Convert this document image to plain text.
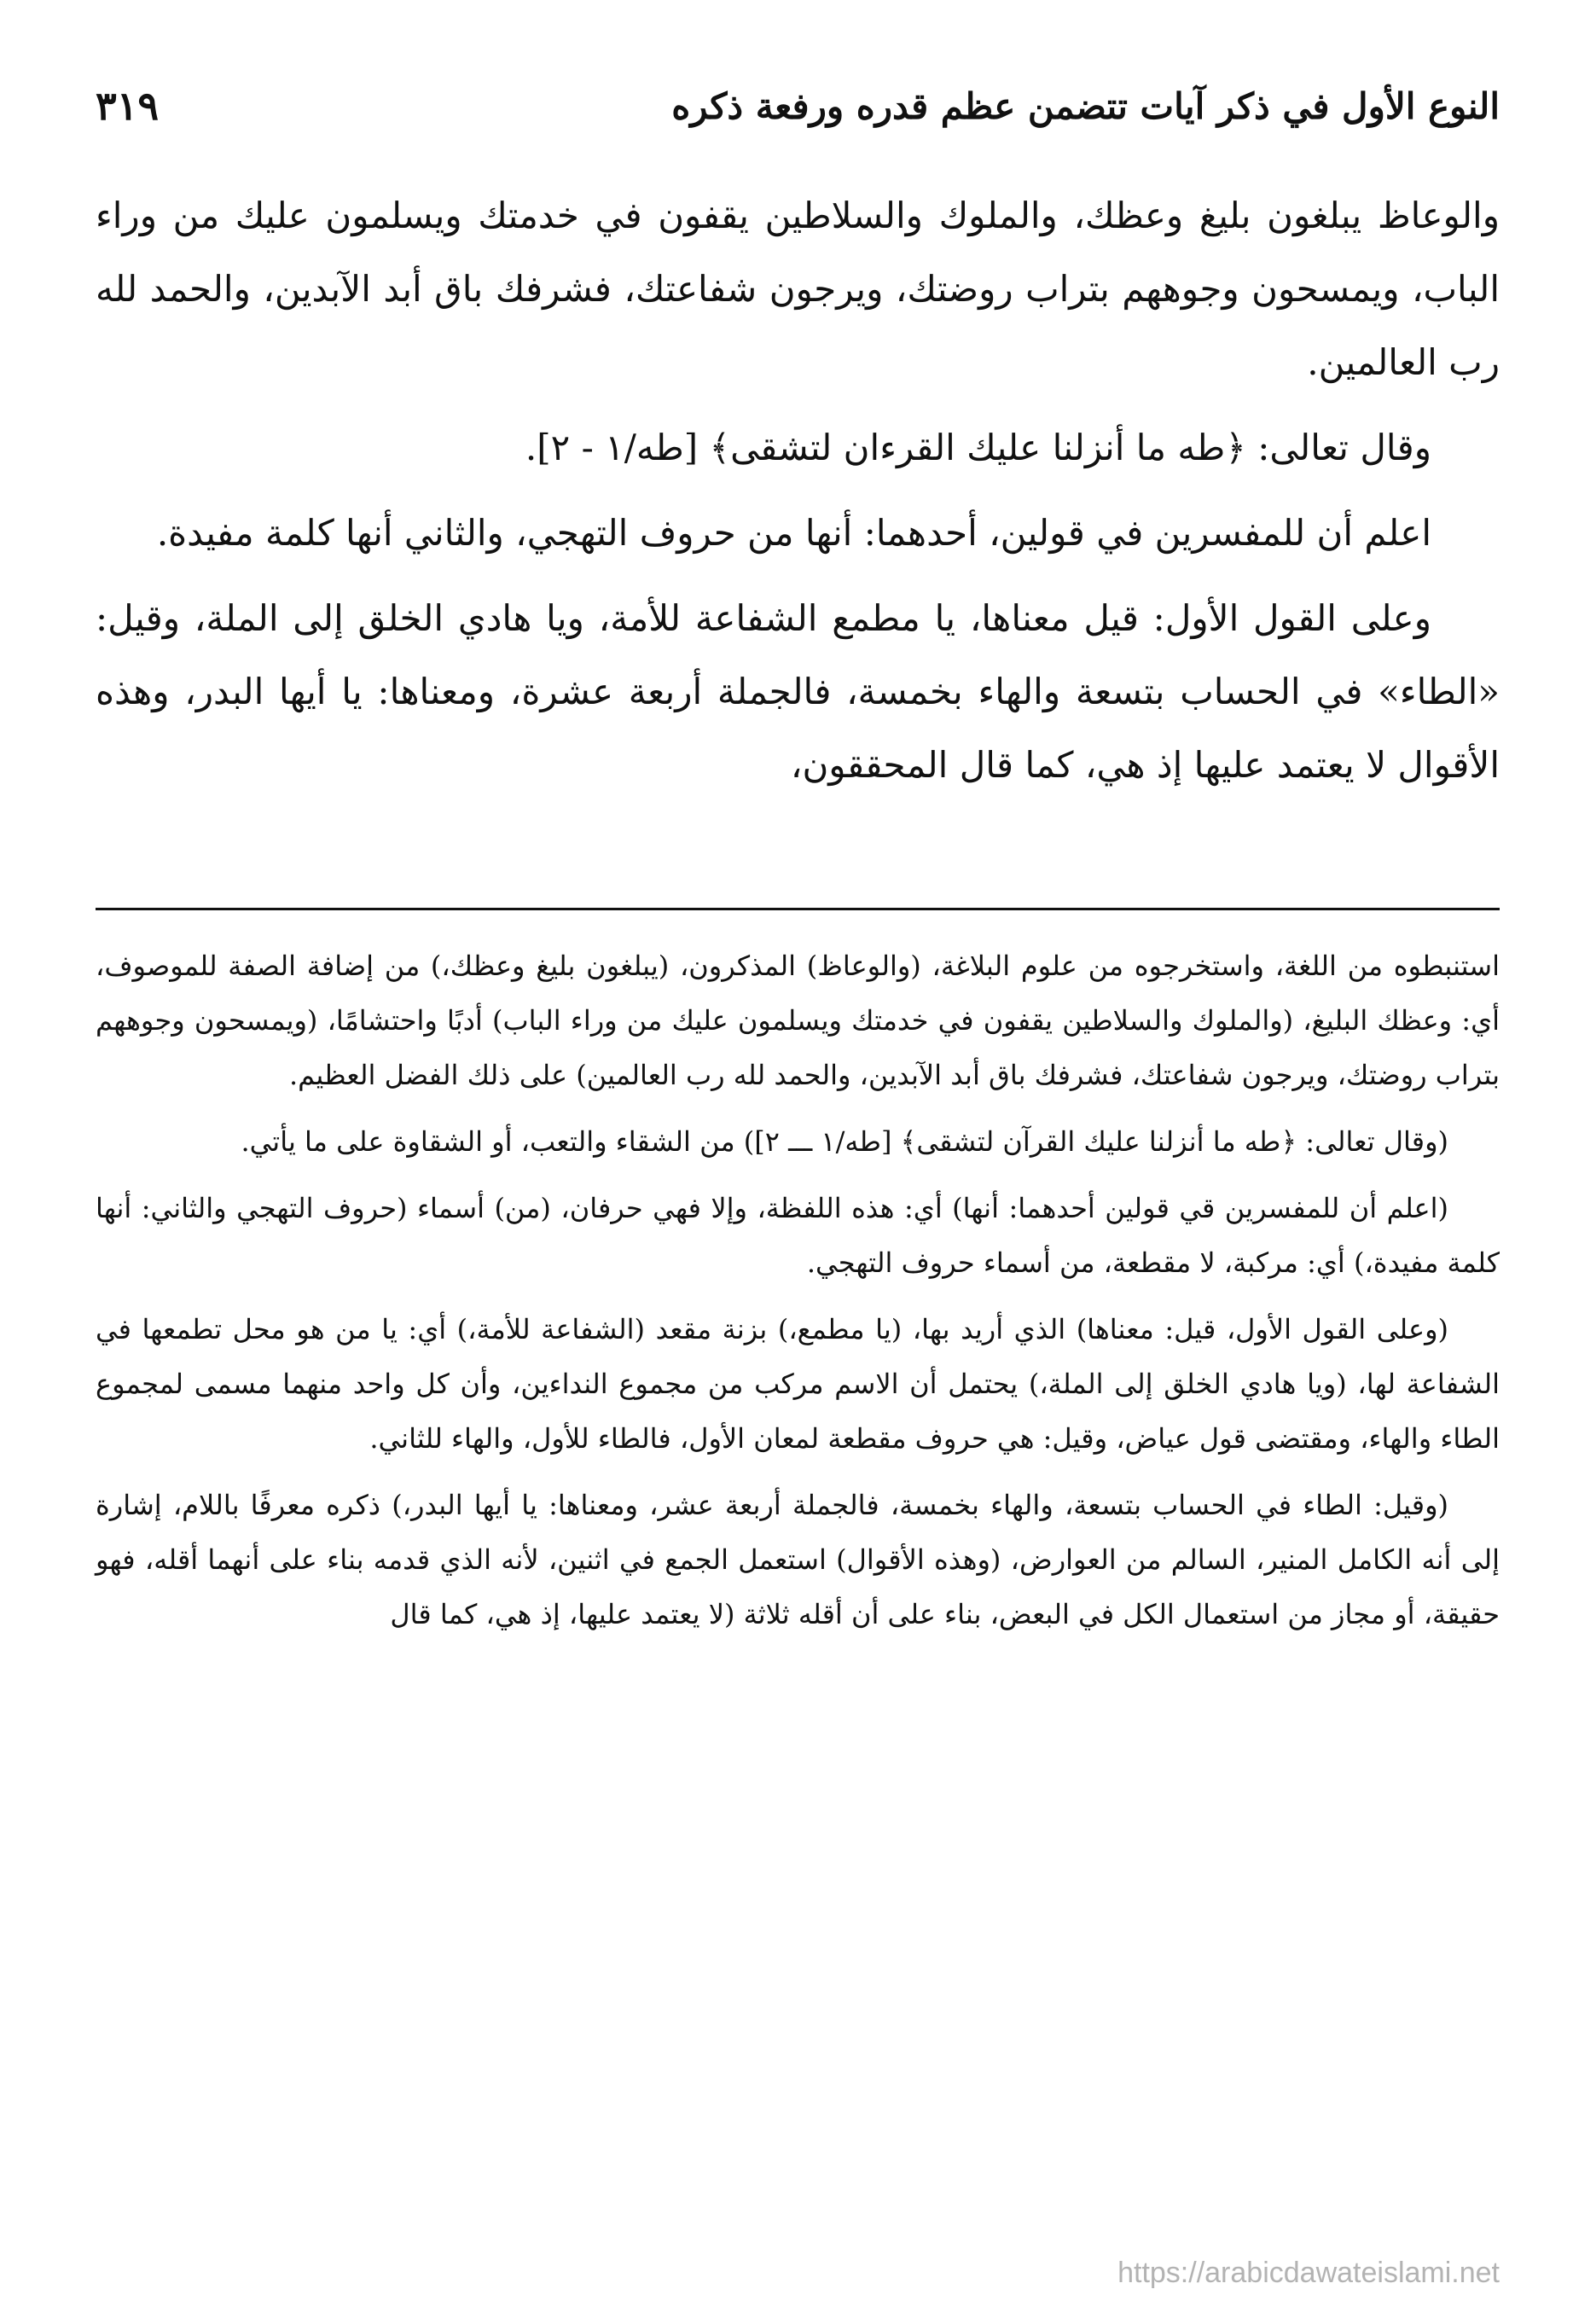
النوع الأول في ذكر آيات تتضمن عظم قدره ورفعة ذكره
٣١٩

والوعاظ يبلغون بليغ وعظك، والملوك والسلاطين يقفون في خدمتك ويسلمون عليك من وراء الباب، ويمسحون وجوههم بتراب روضتك، ويرجون شفاعتك، فشرفك باق أبد الآبدين، والحمد لله رب العالمين.

وقال تعالى: ﴿طه ما أنزلنا عليك القرءان لتشقى﴾ [طه/١ - ٢].

اعلم أن للمفسرين في قولين، أحدهما: أنها من حروف التهجي، والثاني أنها كلمة مفيدة.

وعلى القول الأول: قيل معناها، يا مطمع الشفاعة للأمة، ويا هادي الخلق إلى الملة، وقيل: «الطاء» في الحساب بتسعة والهاء بخمسة، فالجملة أربعة عشرة، ومعناها: يا أيها البدر، وهذه الأقوال لا يعتمد عليها إذ هي، كما قال المحققون،

استنبطوه من اللغة، واستخرجوه من علوم البلاغة، (والوعاظ) المذكرون، (يبلغون بليغ وعظك،) من إضافة الصفة للموصوف، أي: وعظك البليغ، (والملوك والسلاطين يقفون في خدمتك ويسلمون عليك من وراء الباب) أدبًا واحتشامًا، (ويمسحون وجوههم بتراب روضتك، ويرجون شفاعتك، فشرفك باق أبد الآبدين، والحمد لله رب العالمين) على ذلك الفضل العظيم.

(وقال تعالى: ﴿طه ما أنزلنا عليك القرآن لتشقى﴾ [طه/١ ـــ ٢]) من الشقاء والتعب، أو الشقاوة على ما يأتي.

(اعلم أن للمفسرين قي قولين أحدهما: أنها) أي: هذه اللفظة، وإلا فهي حرفان، (من) أسماء (حروف التهجي والثاني: أنها كلمة مفيدة،) أي: مركبة، لا مقطعة، من أسماء حروف التهجي.

(وعلى القول الأول، قيل: معناها) الذي أريد بها، (يا مطمع،) بزنة مقعد (الشفاعة للأمة،) أي: يا من هو محل تطمعها في الشفاعة لها، (ويا هادي الخلق إلى الملة،) يحتمل أن الاسم مركب من مجموع النداءين، وأن كل واحد منهما مسمى لمجموع الطاء والهاء، ومقتضى قول عياض، وقيل: هي حروف مقطعة لمعان الأول، فالطاء للأول، والهاء للثاني.

(وقيل: الطاء في الحساب بتسعة، والهاء بخمسة، فالجملة أربعة عشر، ومعناها: يا أيها البدر،) ذكره معرفًا باللام، إشارة إلى أنه الكامل المنير، السالم من العوارض، (وهذه الأقوال) استعمل الجمع في اثنين، لأنه الذي قدمه بناء على أنهما أقله، فهو حقيقة، أو مجاز من استعمال الكل في البعض، بناء على أن أقله ثلاثة (لا يعتمد عليها، إذ هي، كما قال

https://arabicdawateislami.net
